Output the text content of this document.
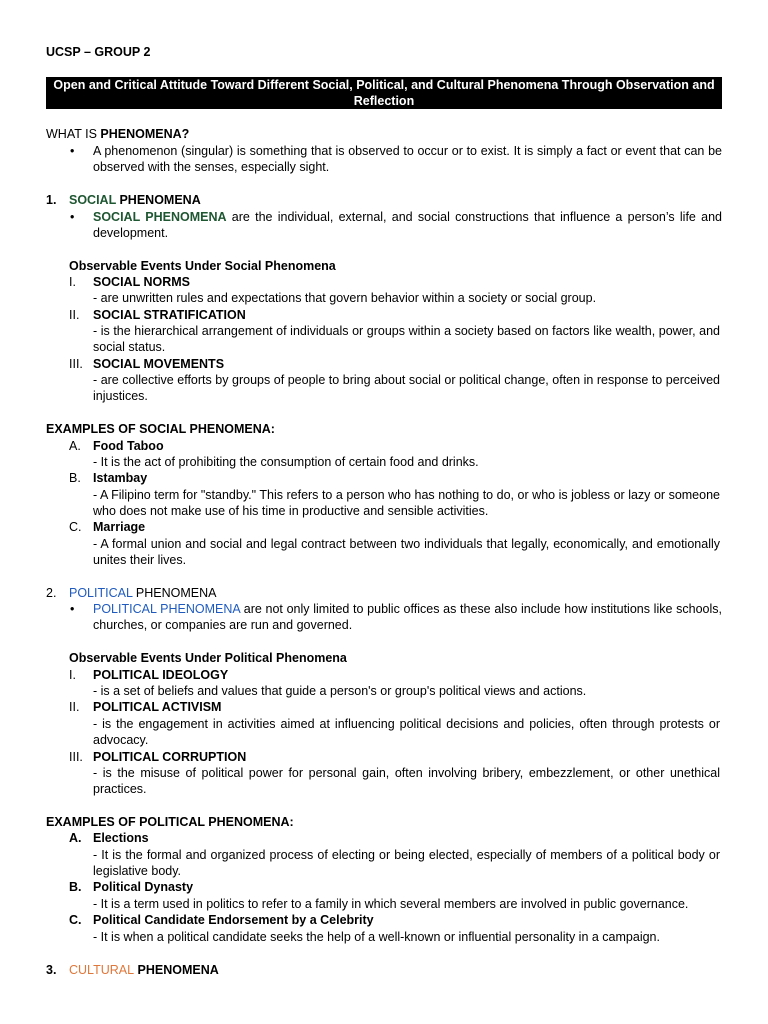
UCSP – GROUP 2
Open and Critical Attitude Toward Different Social, Political, and Cultural Phenomena Through Observation and Reflection
WHAT IS PHENOMENA?
• A phenomenon (singular) is something that is observed to occur or to exist. It is simply a fact or event that can be observed with the senses, especially sight.
1. SOCIAL PHENOMENA
• SOCIAL PHENOMENA are the individual, external, and social constructions that influence a person’s life and development.
Observable Events Under Social Phenomena
I. SOCIAL NORMS
- are unwritten rules and expectations that govern behavior within a society or social group.
II. SOCIAL STRATIFICATION
- is the hierarchical arrangement of individuals or groups within a society based on factors like wealth, power, and social status.
III. SOCIAL MOVEMENTS
- are collective efforts by groups of people to bring about social or political change, often in response to perceived injustices.
EXAMPLES OF SOCIAL PHENOMENA:
A. Food Taboo
- It is the act of prohibiting the consumption of certain food and drinks.
B. Istambay
- A Filipino term for "standby." This refers to a person who has nothing to do, or who is jobless or lazy or someone who does not make use of his time in productive and sensible activities.
C. Marriage
- A formal union and social and legal contract between two individuals that legally, economically, and emotionally unites their lives.
2. POLITICAL PHENOMENA
• POLITICAL PHENOMENA are not only limited to public offices as these also include how institutions like schools, churches, or companies are run and governed.
Observable Events Under Political Phenomena
I. POLITICAL IDEOLOGY
- is a set of beliefs and values that guide a person's or group's political views and actions.
II. POLITICAL ACTIVISM
- is the engagement in activities aimed at influencing political decisions and policies, often through protests or advocacy.
III. POLITICAL CORRUPTION
- is the misuse of political power for personal gain, often involving bribery, embezzlement, or other unethical practices.
EXAMPLES OF POLITICAL PHENOMENA:
A. Elections
- It is the formal and organized process of electing or being elected, especially of members of a political body or legislative body.
B. Political Dynasty
- It is a term used in politics to refer to a family in which several members are involved in public governance.
C. Political Candidate Endorsement by a Celebrity
- It is when a political candidate seeks the help of a well-known or influential personality in a campaign.
3. CULTURAL PHENOMENA
